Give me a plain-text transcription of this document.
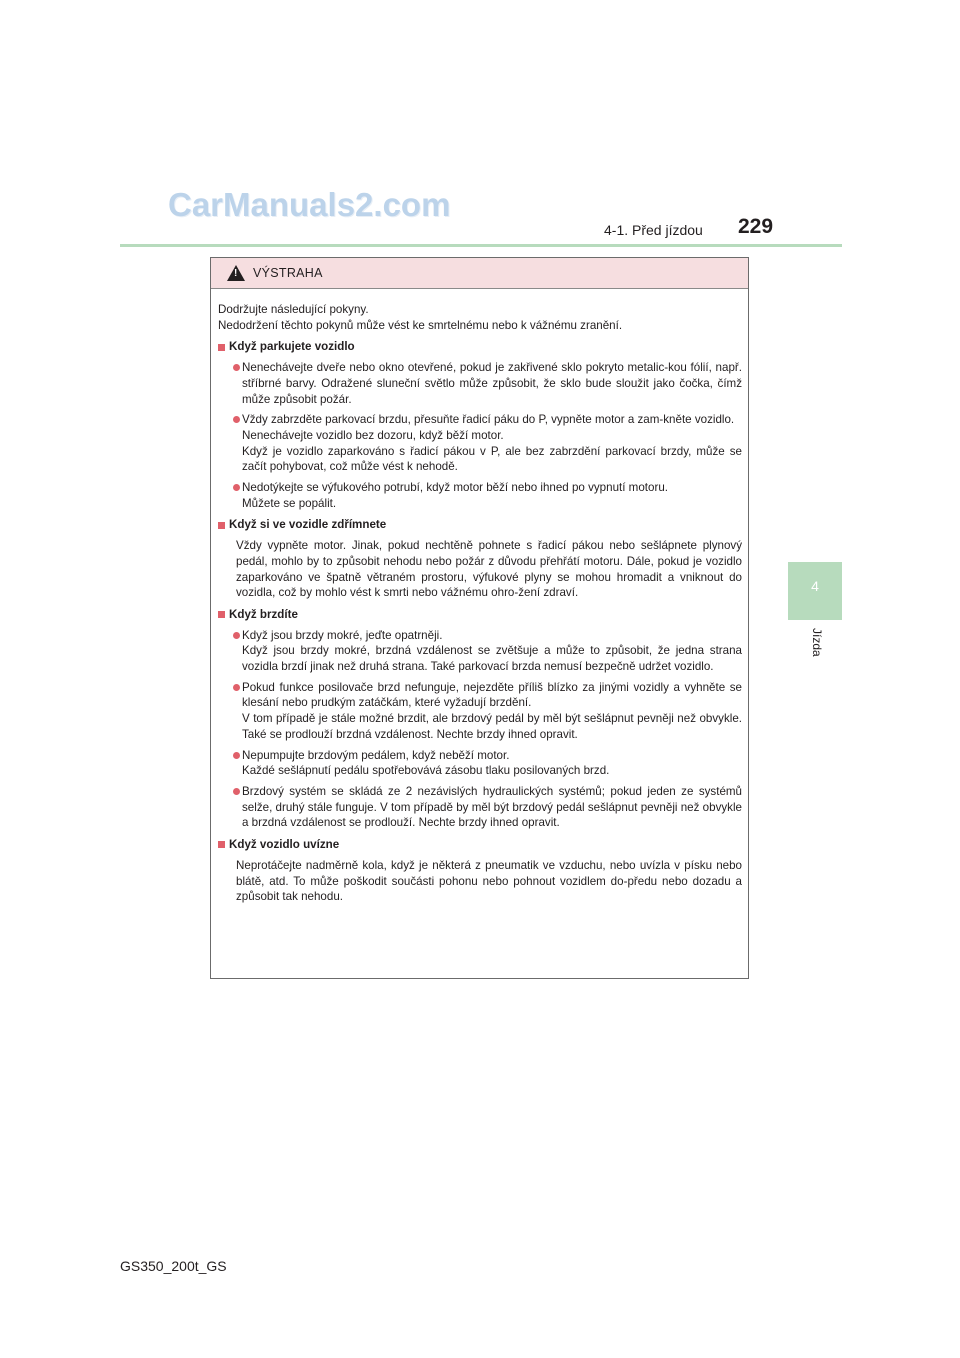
CarManuals2.com
4-1. Před jízdou 229
4
Jízda
! VÝSTRAHA
Dodržujte následující pokyny.
Nedodržení těchto pokynů může vést ke smrtelnému nebo k vážnému zranění.
Když parkujete vozidlo
Nenechávejte dveře nebo okno otevřené, pokud je zakřivené sklo pokryto metalic-kou fólií, např. stříbrné barvy. Odražené sluneční světlo může způsobit, že sklo bude sloužit jako čočka, čímž může způsobit požár.
Vždy zabrzděte parkovací brzdu, přesuňte řadicí páku do P, vypněte motor a zam-kněte vozidlo.
Nenechávejte vozidlo bez dozoru, když běží motor.
Když je vozidlo zaparkováno s řadicí pákou v P, ale bez zabrzdění parkovací brzdy, může se začít pohybovat, což může vést k nehodě.
Nedotýkejte se výfukového potrubí, když motor běží nebo ihned po vypnutí motoru.
Můžete se popálit.
Když si ve vozidle zdřímnete
Vždy vypněte motor. Jinak, pokud nechtěně pohnete s řadicí pákou nebo sešlápnete plynový pedál, mohlo by to způsobit nehodu nebo požár z důvodu přehřátí motoru. Dále, pokud je vozidlo zaparkováno ve špatně větraném prostoru, výfukové plyny se mohou hromadit a vniknout do vozidla, což by mohlo vést k smrti nebo vážnému ohro-žení zdraví.
Když brzdíte
Když jsou brzdy mokré, jeďte opatrněji.
Když jsou brzdy mokré, brzdná vzdálenost se zvětšuje a může to způsobit, že jedna strana vozidla brzdí jinak než druhá strana. Také parkovací brzda nemusí bezpečně udržet vozidlo.
Pokud funkce posilovače brzd nefunguje, nejezděte příliš blízko za jinými vozidly a vyhněte se klesání nebo prudkým zatáčkám, které vyžadují brzdění.
V tom případě je stále možné brzdit, ale brzdový pedál by měl být sešlápnut pevněji než obvykle. Také se prodlouží brzdná vzdálenost. Nechte brzdy ihned opravit.
Nepumpujte brzdovým pedálem, když neběží motor.
Každé sešlápnutí pedálu spotřebovává zásobu tlaku posilovaných brzd.
Brzdový systém se skládá ze 2 nezávislých hydraulických systémů; pokud jeden ze systémů selže, druhý stále funguje. V tom případě by měl být brzdový pedál sešlápnut pevněji než obvykle a brzdná vzdálenost se prodlouží. Nechte brzdy ihned opravit.
Když vozidlo uvízne
Neprotáčejte nadměrně kola, když je některá z pneumatik ve vzduchu, nebo uvízla v písku nebo blátě, atd. To může poškodit součásti pohonu nebo pohnout vozidlem do-předu nebo dozadu a způsobit tak nehodu.
GS350_200t_GS
